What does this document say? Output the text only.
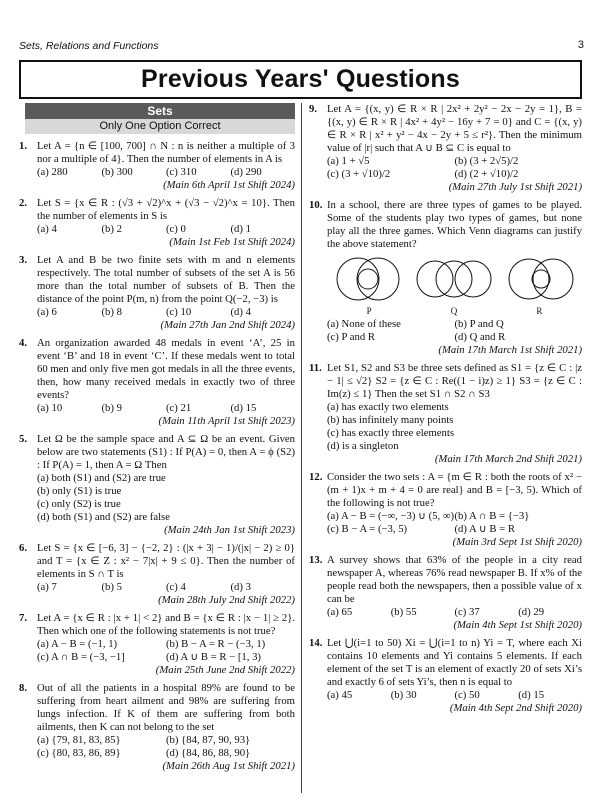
Sets, Relations and Functions	3
Previous Years' Questions
Sets
Only One Option Correct
1. Let A = {n ∈ [100, 700] ∩ N : n is neither a multiple of 3 nor a multiple of 4}. Then the number of elements in A is
(a) 280	(b) 300	(c) 310	(d) 290
(Main 6th April 1st Shift 2024)
2. Let S = {x ∈ R : (√3 + √2)^x + (√3 − √2)^x = 10}. Then the number of elements in S is
(a) 4	(b) 2	(c) 0	(d) 1
(Main 1st Feb 1st Shift 2024)
3. Let A and B be two finite sets with m and n elements respectively. The total number of subsets of the set A is 56 more than the total number of subsets of B. Then the distance of the point P(m, n) from the point Q(−2, −3) is
(a) 6	(b) 8	(c) 10	(d) 4
(Main 27th Jan 2nd Shift 2024)
4. An organization awarded 48 medals in event ‘A’, 25 in event ‘B’ and 18 in event ‘C’. If these medals went to total 60 men and only five men got medals in all the three events, then, how many received medals in exactly two of three events?
(a) 10	(b) 9	(c) 21	(d) 15
(Main 11th April 1st Shift 2023)
5. Let Ω be the sample space and A ⊆ Ω be an event. Given below are two statements (S1) : If P(A) = 0, then A = ϕ (S2) : If P(A) = 1, then A = Ω Then
(a) both (S1) and (S2) are true
(b) only (S1) is true
(c) only (S2) is true
(d) both (S1) and (S2) are false
(Main 24th Jan 1st Shift 2023)
6. Let S = {x ∈ [−6, 3] − {−2, 2} : (|x + 3| − 1)/(|x| − 2) ≥ 0} and T = {x ∈ Z : x² − 7|x| + 9 ≤ 0}. Then the number of elements in S ∩ T is
(a) 7	(b) 5	(c) 4	(d) 3
(Main 28th July 2nd Shift 2022)
7. Let A = {x ∈ R : |x + 1| < 2} and B = {x ∈ R : |x − 1| ≥ 2}. Then which one of the following statements is not true?
(a) A − B = (−1, 1)	(b) B − A = R − (−3, 1)
(c) A ∩ B = (−3, −1]	(d) A ∪ B = R − [1, 3)
(Main 25th June 2nd Shift 2022)
8. Out of all the patients in a hospital 89% are found to be suffering from heart ailment and 98% are suffering from lungs infection. If K of them are suffering from both ailments, then K can not belong to the set
(a) {79, 81, 83, 85}	(b) {84, 87, 90, 93}
(c) {80, 83, 86, 89}	(d) {84, 86, 88, 90}
(Main 26th Aug 1st Shift 2021)
9. Let A = {(x, y) ∈ R × R | 2x² + 2y² − 2x − 2y = 1}, B = {(x, y) ∈ R × R | 4x² + 4y² − 16y + 7 = 0} and C = {(x, y) ∈ R × R | x² + y² − 4x − 2y + 5 ≤ r²}. Then the minimum value of |r| such that A ∪ B ⊆ C is equal to
(a) 1 + √5	(b) (3 + 2√5)/2
(c) (3 + √10)/2	(d) (2 + √10)/2
(Main 27th July 1st Shift 2021)
10. In a school, there are three types of games to be played. Some of the students play two types of games, but none play all the three games. Which Venn diagrams can justify the above statement?
P	Q	R
(a) None of these	(b) P and Q
(c) P and R	(d) Q and R
(Main 17th March 1st Shift 2021)
11. Let S1, S2 and S3 be three sets defined as S1 = {z ∈ C : |z − 1| ≤ √2} S2 = {z ∈ C : Re((1 − i)z) ≥ 1} S3 = {z ∈ C : Im(z) ≤ 1} Then the set S1 ∩ S2 ∩ S3
(a) has exactly two elements
(b) has infinitely many points
(c) has exactly three elements
(d) is a singleton
(Main 17th March 2nd Shift 2021)
12. Consider the two sets : A = {m ∈ R : both the roots of x² − (m + 1)x + m + 4 = 0 are real} and B = [−3, 5). Which of the following is not true?
(a) A − B = (−∞, −3) ∪ (5, ∞) (b) A ∩ B = {−3}
(c) B − A = (−3, 5)	(d) A ∪ B = R
(Main 3rd Sept 1st Shift 2020)
13. A survey shows that 63% of the people in a city read newspaper A, whereas 76% read newspaper B. If x% of the people read both the newspapers, then a possible value of x can be
(a) 65	(b) 55	(c) 37	(d) 29
(Main 4th Sept 1st Shift 2020)
14. Let ⋃(i=1 to 50) Xi = ⋃(i=1 to n) Yi = T, where each Xi contains 10 elements and Yi contains 5 elements. If each element of the set T is an element of exactly 20 of sets Xi’s and exactly 6 of sets Yi’s, then n is equal to
(a) 45	(b) 30	(c) 50	(d) 15
(Main 4th Sept 2nd Shift 2020)
